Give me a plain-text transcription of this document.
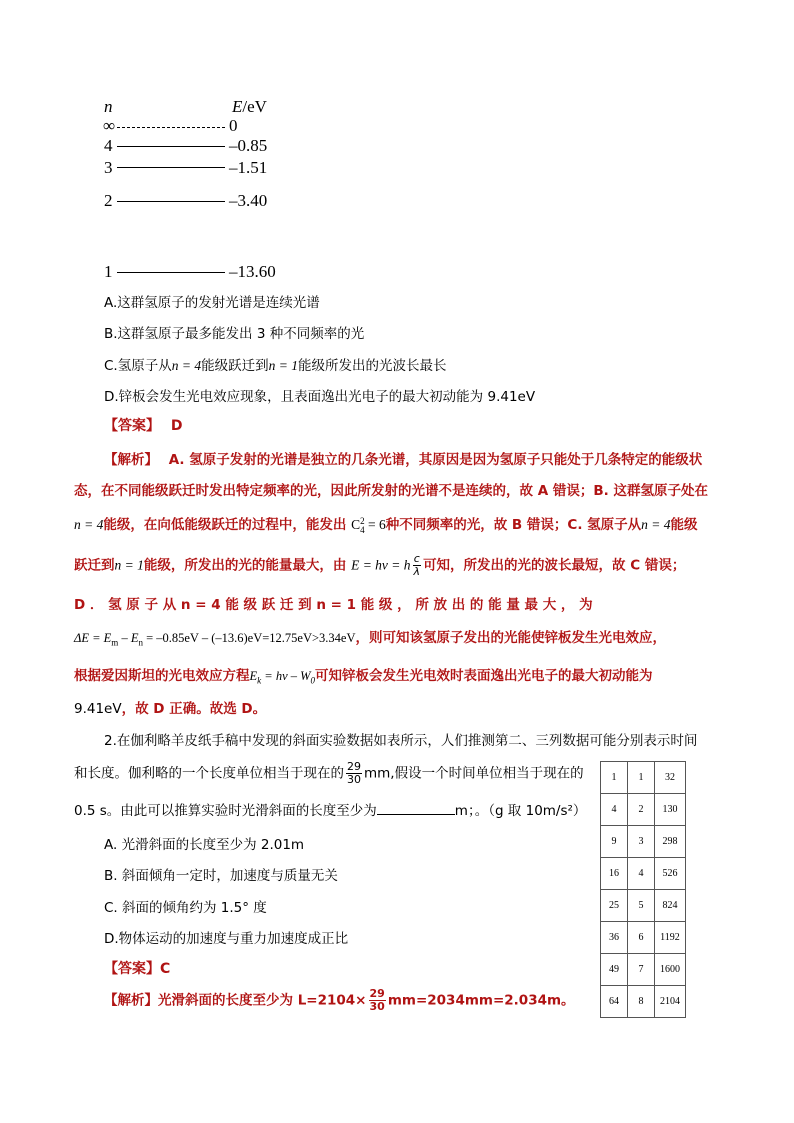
n	E/eV
∞	0
4	–0.85
3	–1.51
2	–3.40
1	–13.60
A.这群氢原子的发射光谱是连续光谱
B.这群氢原子最多能发出 3 种不同频率的光
C.氢原子从n = 4能级跃迁到n = 1能级所发出的光波长最长
D.锌板会发生光电效应现象，且表面逸出光电子的最大初动能为 9.41eV
【答案】 D
【解析】 A. 氢原子发射的光谱是独立的几条光谱，其原因是因为氢原子只能处于几条特定的能级状
态，在不同能级跃迁时发出特定频率的光，因此所发射的光谱不是连续的，故 A 错误；B. 这群氢原子处在
n = 4能级，在向低能级跃迁的过程中，能发出 C 2
4 = 6种不同频率的光，故 B 错误；C. 氢原子从n = 4能级
跃迁到n = 1能级，所发出的光的能量最大，由 E = hν = h $\frac{c}{\lambda}$ 可知，所发出的光的波长最短，故 C 错误；
D ． 氢 原 子 从 n = 4 能 级 跃 迁 到 n = 1 能 级 ， 所 放 出 的 能 量 最 大 ， 为
$\Delta E = E_m - E_n = -0.85eV - (-13.6)eV=12.75eV>3.34eV$，则可知该氢原子发出的光能使锌板发生光电效应，
根据爱因斯坦的光电效应方程$E_k = h\nu - W_0$可知锌板会发生光电效时表面逸出光电子的最大初动能为
9.41eV，故 D 正确。故选 D。
2.在伽利略羊皮纸手稿中发现的斜面实验数据如表所示，人们推测第二、三列数据可能分别表示时间
和长度。伽利略的一个长度单位相当于现在的 $\frac{29}{30}$ mm,假设一个时间单位相当于现在的
0.5 s。由此可以推算实验时光滑斜面的长度至少为	m；。（g 取 10m/s²）
A. 光滑斜面的长度至少为 2.01m
B. 斜面倾角一定时，加速度与质量无关
C. 斜面的倾角约为 1.5° 度
D.物体运动的加速度与重力加速度成正比
【答案】C
【解析】光滑斜面的长度至少为 $L=2104\times \frac{29}{30} mm=2034mm=2.034m$。
1	1	32
4	2	130
9	3	298
16	4	526
25	5	824
36	6	1192
49	7	1600
64	8	2104
